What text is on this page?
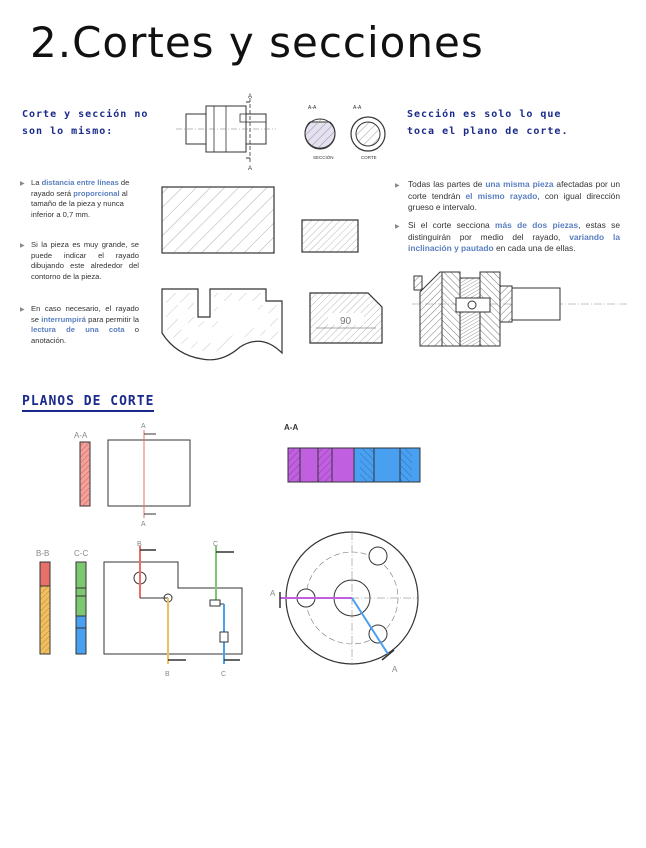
2.Cortes y secciones
Corte y sección no
son lo mismo:
Sección es solo lo que
toca el plano de corte.
A
A
A-A
SECCIÓN
A-A
CORTE
▶ La distancia entre líneas de rayado será proporcional al tamaño de la pieza y nunca inferior a 0,7 mm.
▶ Si la pieza es muy grande, se puede indicar el rayado dibujando este alrededor del contorno de la pieza.
▶ En caso necesario, el rayado se interrumpirá para permitir la lectura de una cota o anotación.
90
▶ Todas las partes de una misma pieza afectadas por un corte tendrán el mismo rayado, con igual dirección grueso e intervalo.
▶ Si el corte secciona más de dos piezas, estas se distinguirán por medio del rayado, variando la inclinación y pautado en cada una de ellas.
PLANOS DE CORTE
A-A
A
A
A-A
B-B	C-C
B
B
C
C
A
A
